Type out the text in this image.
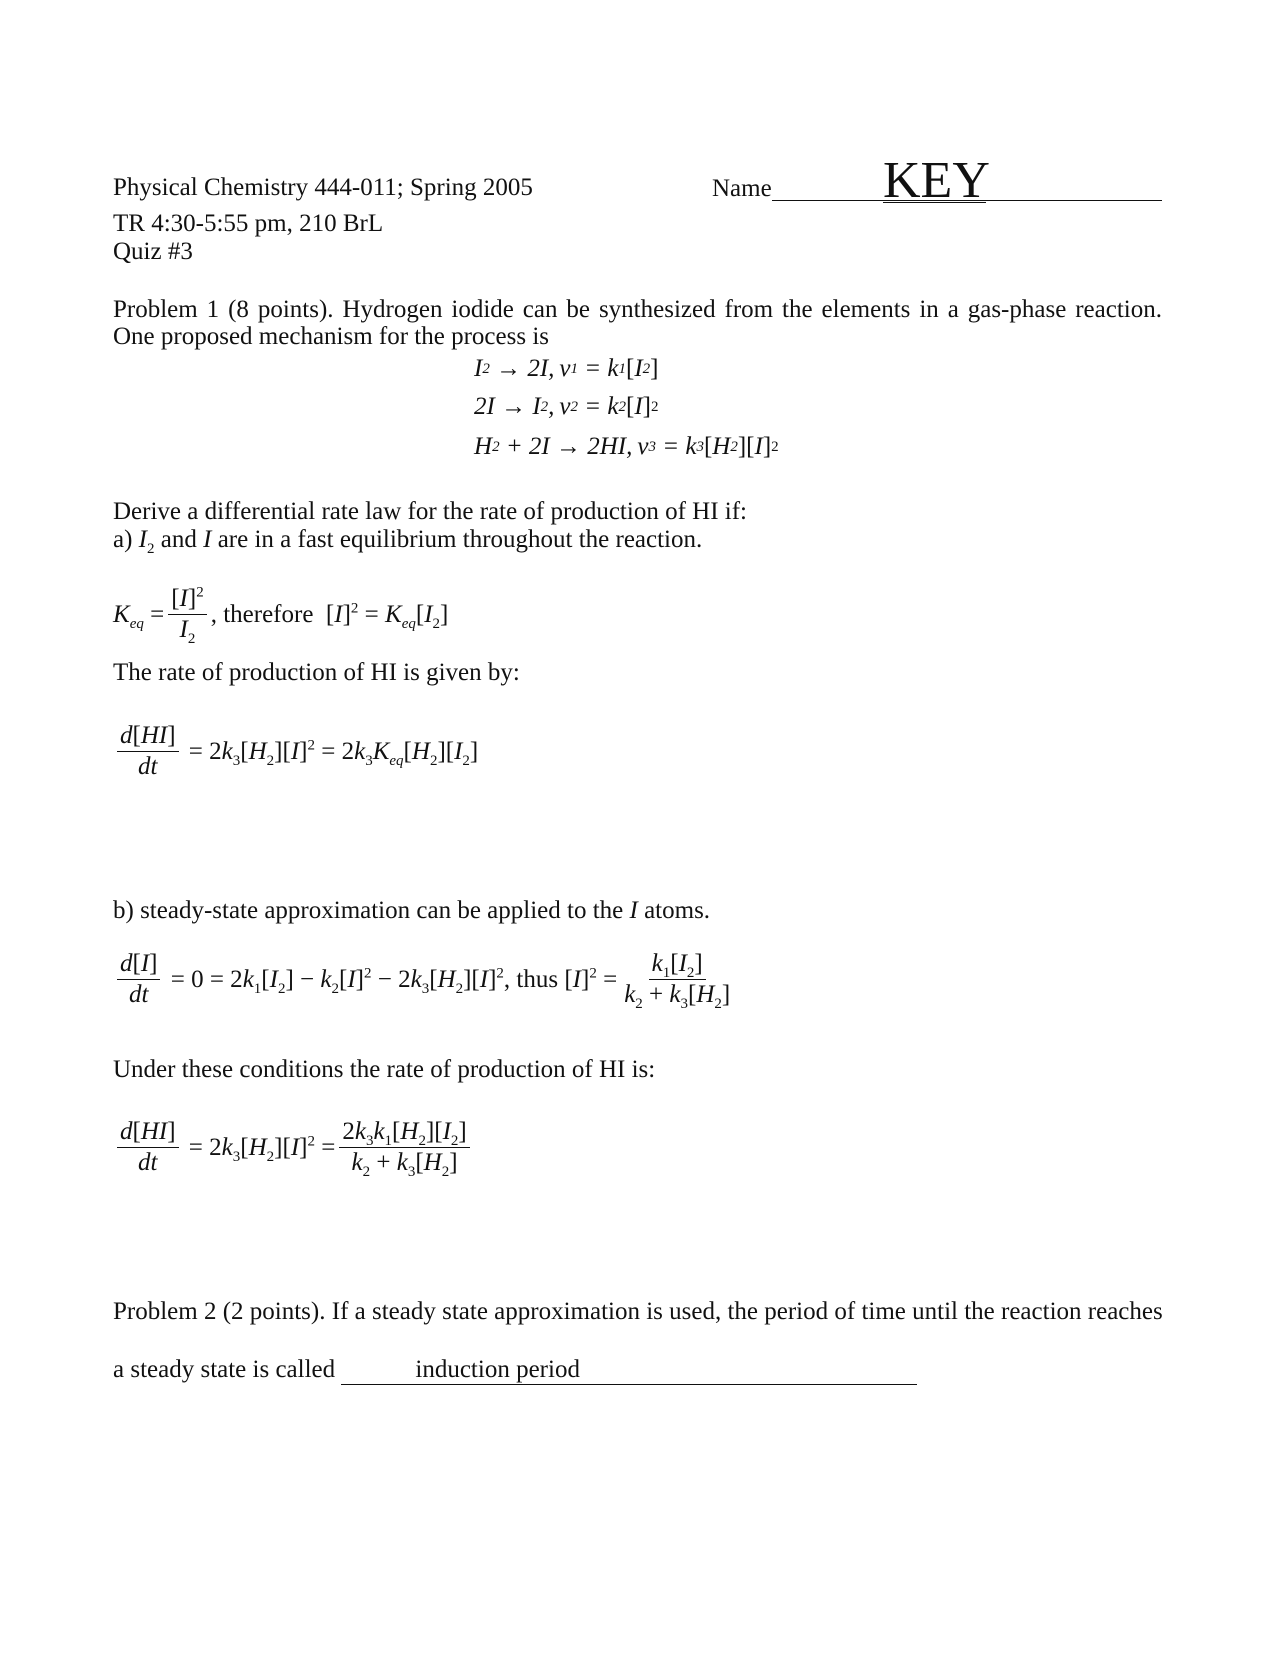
Physical Chemistry 444-011; Spring 2005
TR 4:30-5:55 pm, 210 BrL
Quiz #3
Name KEY
Problem 1 (8 points). Hydrogen iodide can be synthesized from the elements in a gas-phase reaction.
One proposed mechanism for the process is
I 2 → 2I, v 1 = k 1 [ I 2 ]
2I → I 2 , v 2 = k 2 [ I ] 2
H 2 + 2I → 2HI, v 3 = k 3 [ H 2 ][ I ] 2
Derive a differential rate law for the rate of production of HI if:
a) $I_2$ and I are in a fast equilibrium throughout the reaction.
$K_{eq} = \frac{[I]^2}{I_2}$ , therefore $[I]^2 = K_{eq}[I_2]$
The rate of production of HI is given by:
$\frac{d[HI]}{dt} = 2k_3[H_2][I]^2 = 2k_3K_{eq}[H_2][I_2]$
b) steady-state approximation can be applied to the I atoms.
$\frac{d[I]}{dt} = 0 = 2k_1[I_2] - k_2[I]^2 - 2k_3[H_2][I]^2$ , thus $[I]^2 = \frac{k_1[I_2]}{k_2 + k_3[H_2]}$
Under these conditions the rate of production of HI is:
$\frac{d[HI]}{dt} = 2k_3[H_2][I]^2 = \frac{2k_3k_1[H_2][I_2]}{k_2 + k_3[H_2]}$
Problem 2 (2 points). If a steady state approximation is used, the period of time until the reaction reaches
a steady state is called	induction period
